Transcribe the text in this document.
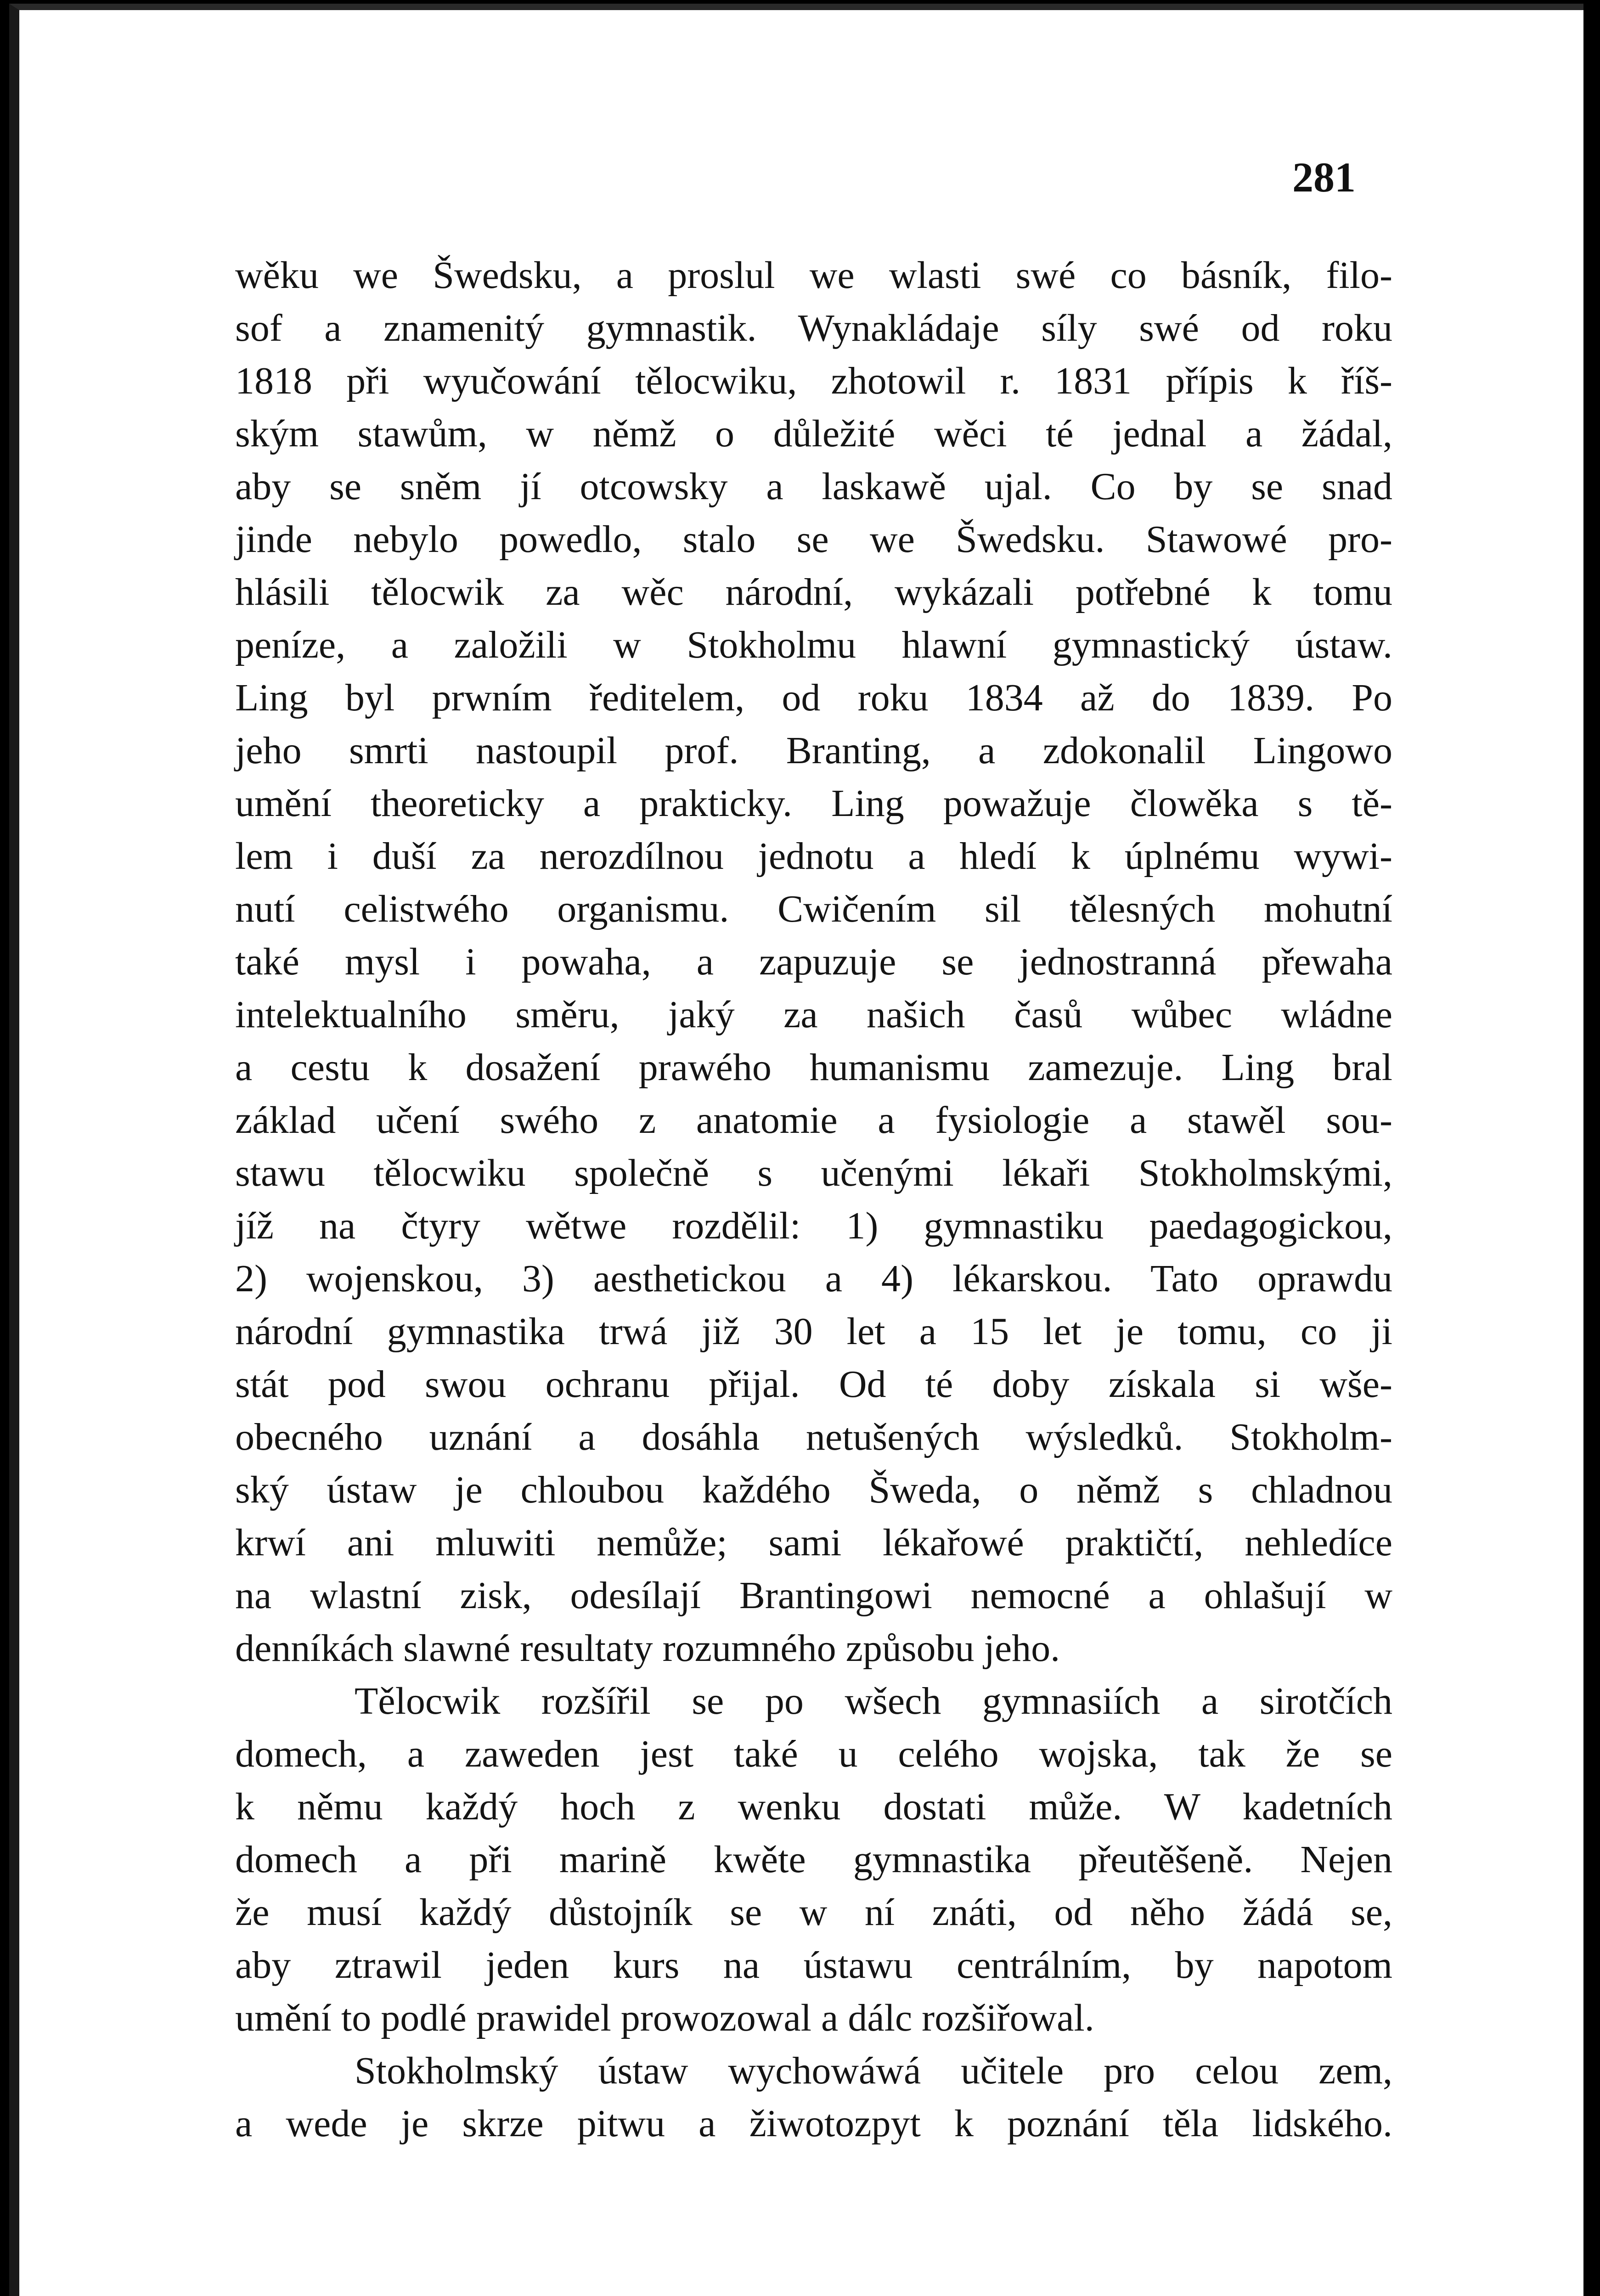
281
wěku we Šwedsku, a proslul we wlasti swé co básník, filo-
sof a znamenitý gymnastik. Wynakládaje síly swé od roku
1818 při wyučowání tělocwiku, zhotowil r. 1831 přípis k říš-
ským stawům, w němž o důležité wěci té jednal a žádal,
aby se sněm jí otcowsky a laskawě ujal. Co by se snad
jinde nebylo powedlo, stalo se we Šwedsku. Stawowé pro-
hlásili tělocwik za wěc národní, wykázali potřebné k tomu
peníze, a založili w Stokholmu hlawní gymnastický ústaw.
Ling byl prwním ředitelem, od roku 1834 až do 1839. Po
jeho smrti nastoupil prof. Branting, a zdokonalil Lingowo
umění theoreticky a prakticky. Ling powažuje člowěka s tě-
lem i duší za nerozdílnou jednotu a hledí k úplnému wywi-
nutí celistwého organismu. Cwičením sil tělesných mohutní
také mysl i powaha, a zapuzuje se jednostranná přewaha
intelektualního směru, jaký za našich časů wůbec wládne
a cestu k dosažení prawého humanismu zamezuje. Ling bral
základ učení swého z anatomie a fysiologie a stawěl sou-
stawu tělocwiku společně s učenými lékaři Stokholmskými,
jíž na čtyry wětwe rozdělil: 1) gymnastiku paedagogickou,
2) wojenskou, 3) aesthetickou a 4) lékarskou. Tato oprawdu
národní gymnastika trwá již 30 let a 15 let je tomu, co ji
stát pod swou ochranu přijal. Od té doby získala si wše-
obecného uznání a dosáhla netušených wýsledků. Stokholm-
ský ústaw je chloubou každého Šweda, o němž s chladnou
krwí ani mluwiti nemůže; sami lékařowé praktičtí, nehledíce
na wlastní zisk, odesílají Brantingowi nemocné a ohlašují w
denníkách slawné resultaty rozumného způsobu jeho.
Tělocwik rozšířil se po wšech gymnasiích a sirotčích
domech, a zaweden jest také u celého wojska, tak že se
k němu každý hoch z wenku dostati může. W kadetních
domech a při marině kwěte gymnastika přeutěšeně. Nejen
že musí každý důstojník se w ní znáti, od něho žádá se,
aby ztrawil jeden kurs na ústawu centrálním, by napotom
umění to podlé prawidel prowozowal a dálc rozšiřowal.
Stokholmský ústaw wychowáwá učitele pro celou zem,
a wede je skrze pitwu a žiwotozpyt k poznání těla lidského.
